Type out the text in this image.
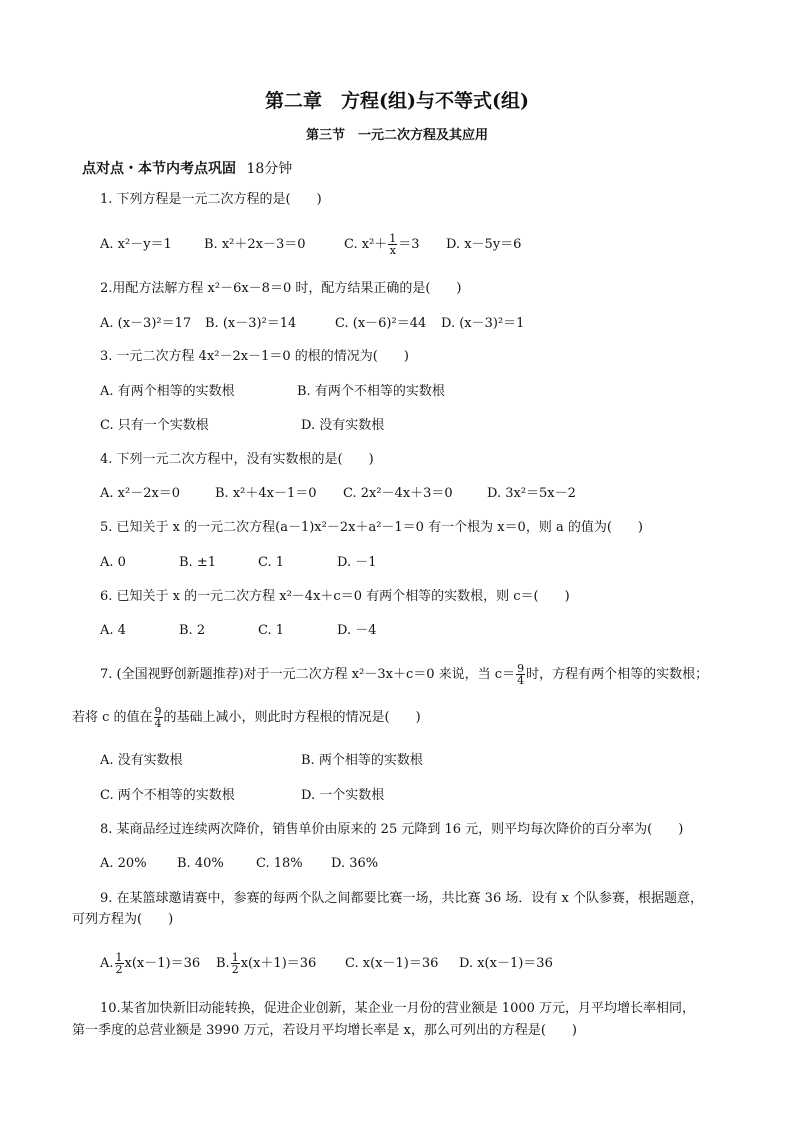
第二章　方程(组)与不等式(组)
第三节　一元二次方程及其应用
点对点・本节内考点巩固 18分钟
1. 下列方程是一元二次方程的是(　　)
A. x²－y＝1 B. x²＋2x－3＝0	C. $x^2+ \frac{1}{x} =3$ D. x－5y＝6
2.用配方法解方程 x²－6x－8＝0 时，配方结果正确的是(　　)
A. (x－3)²＝17 B. (x－3)²＝14	C. (x－6)²＝44 D. (x－3)²＝1
3. 一元二次方程 4x²－2x－1＝0 的根的情况为(　　)
A. 有两个相等的实数根	B. 有两个不相等的实数根
C. 只有一个实数根	D. 没有实数根
4. 下列一元二次方程中，没有实数根的是(　　)
A. x²－2x＝0	B. x²＋4x－1＝0 C. 2x²－4x＋3＝0	D. 3x²＝5x－2
5. 已知关于 x 的一元二次方程(a－1)x²－2x＋a²－1＝0 有一个根为 x＝0，则 a 的值为(　　)
A. 0	B. ±1	C. 1	D. －1
6. 已知关于 x 的一元二次方程 x²－4x＋c＝0 有两个相等的实数根，则 c＝(　　)
A. 4	B. 2	C. 1	D. －4
7. (全国视野创新题推荐)对于一元二次方程 x²－3x＋c＝0 来说，当 $c= \frac{9}{4}$ 时，方程有两个相等的实数根；
若将 c 的值在 $\frac{9}{4}$ 的基础上减小，则此时方程根的情况是(　　)
A. 没有实数根	B. 两个相等的实数根
C. 两个不相等的实数根	D. 一个实数根
8. 某商品经过连续两次降价，销售单价由原来的 25 元降到 16 元，则平均每次降价的百分率为(　　)
A. 20% B. 40% C. 18% D. 36%
9. 在某篮球邀请赛中，参赛的每两个队之间都要比赛一场，共比赛 36 场．设有 x 个队参赛，根据题意，
可列方程为(　　)
A. $\frac{1}{2} x(x-1)=36$ B. $\frac{1}{2} x(x+1)=36$ C. x(x－1)＝36 D. x(x－1)＝36
10.某省加快新旧动能转换，促进企业创新，某企业一月份的营业额是 1000 万元，月平均增长率相同，
第一季度的总营业额是 3990 万元，若设月平均增长率是 x，那么可列出的方程是(　　)
